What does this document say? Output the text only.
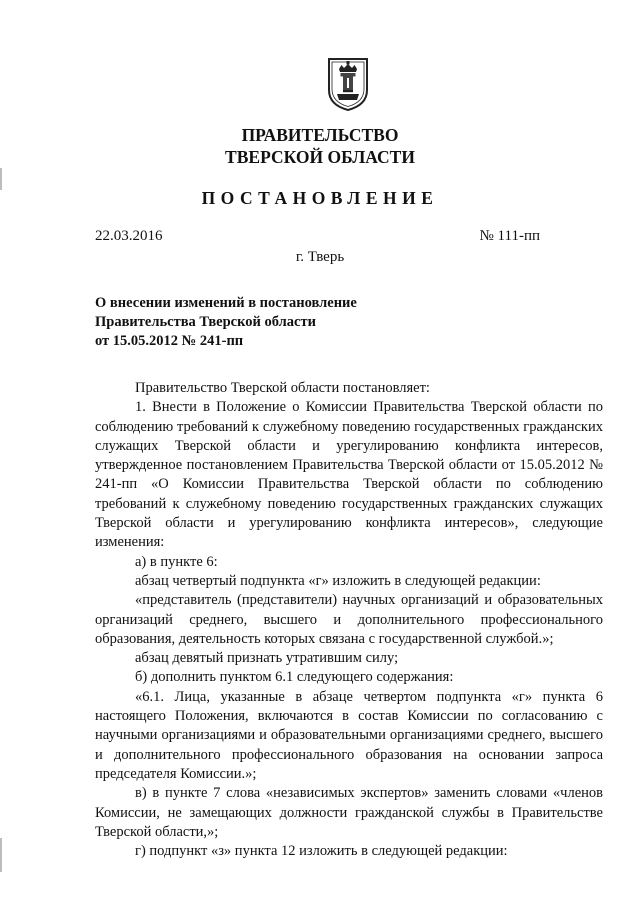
ПРАВИТЕЛЬСТВО
ТВЕРСКОЙ ОБЛАСТИ
ПОСТАНОВЛЕНИЕ
22.03.2016	№ 111-пп
г. Тверь
О внесении изменений в постановление
Правительства Тверской области
от 15.05.2012 № 241-пп

Правительство Тверской области постановляет:

1. Внести в Положение о Комиссии Правительства Тверской области по соблюдению требований к служебному поведению государственных гражданских служащих Тверской области и урегулированию конфликта интересов, утвержденное постановлением Правительства Тверской области от 15.05.2012 № 241-пп «О Комиссии Правительства Тверской области по соблюдению требований к служебному поведению государственных гражданских служащих Тверской области и урегулированию конфликта интересов», следующие изменения:

а) в пункте 6:

абзац четвертый подпункта «г» изложить в следующей редакции:

«представитель (представители) научных организаций и образовательных организаций среднего, высшего и дополнительного профессионального образования, деятельность которых связана с государственной службой.»;

абзац девятый признать утратившим силу;

б) дополнить пунктом 6.1 следующего содержания:

«6.1. Лица, указанные в абзаце четвертом подпункта «г» пункта 6 настоящего Положения, включаются в состав Комиссии по согласованию с научными организациями и образовательными организациями среднего, высшего и дополнительного профессионального образования на основании запроса председателя Комиссии.»;

в) в пункте 7 слова «независимых экспертов» заменить словами «членов Комиссии, не замещающих должности гражданской службы в Правительстве Тверской области,»;

г) подпункт «з» пункта 12 изложить в следующей редакции:
